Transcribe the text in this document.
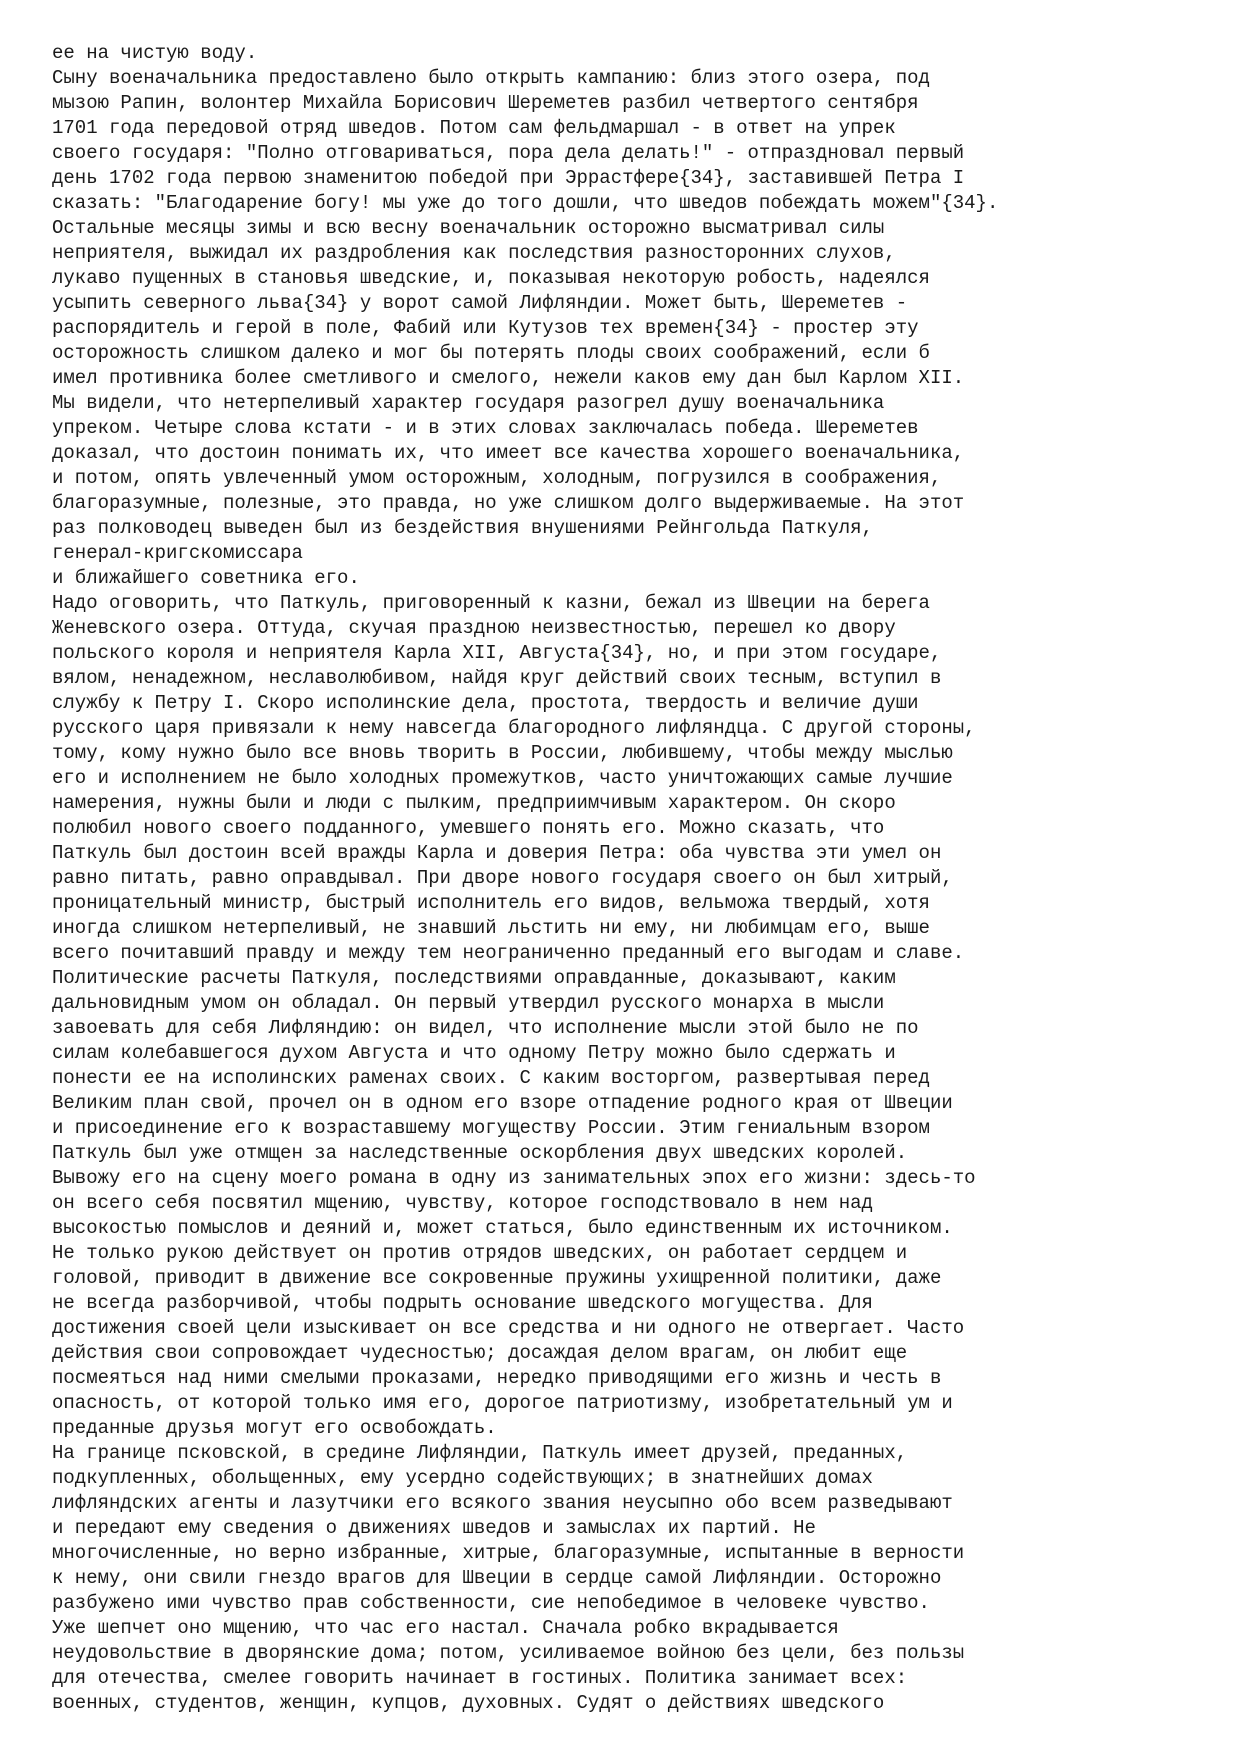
ее на чистую воду.
Сыну военачальника предоставлено было открыть кампанию: близ этого озера, под
мызою Рапин, волонтер Михайла Борисович Шереметев разбил четвертого сентября
1701 года передовой отряд шведов. Потом сам фельдмаршал - в ответ на упрек
своего государя: "Полно отговариваться, пора дела делать!" - отпраздновал первый
день 1702 года первою знаменитою победой при Эррастфере{34}, заставившей Петра I
сказать: "Благодарение богу! мы уже до того дошли, что шведов побеждать можем"{34}.
Остальные месяцы зимы и всю весну военачальник осторожно высматривал силы
неприятеля, выжидал их раздробления как последствия разносторонних слухов,
лукаво пущенных в становья шведские, и, показывая некоторую робость, надеялся
усыпить северного льва{34} у ворот самой Лифляндии. Может быть, Шереметев -
распорядитель и герой в поле, Фабий или Кутузов тех времен{34} - простер эту
осторожность слишком далеко и мог бы потерять плоды своих соображений, если б
имел противника более сметливого и смелого, нежели каков ему дан был Карлом XII.
Мы видели, что нетерпеливый характер государя разогрел душу военачальника
упреком. Четыре слова кстати - и в этих словах заключалась победа. Шереметев
доказал, что достоин понимать их, что имеет все качества хорошего военачальника,
и потом, опять увлеченный умом осторожным, холодным, погрузился в соображения,
благоразумные, полезные, это правда, но уже слишком долго выдерживаемые. На этот
раз полководец выведен был из бездействия внушениями Рейнгольда Паткуля,
генерал-кригскомиссара
и ближайшего советника его.
Надо оговорить, что Паткуль, приговоренный к казни, бежал из Швеции на берега
Женевского озера. Оттуда, скучая праздною неизвестностью, перешел ко двору
польского короля и неприятеля Карла XII, Августа{34}, но, и при этом государе,
вялом, ненадежном, неславолюбивом, найдя круг действий своих тесным, вступил в
службу к Петру I. Скоро исполинские дела, простота, твердость и величие души
русского царя привязали к нему навсегда благородного лифляндца. С другой стороны,
тому, кому нужно было все вновь творить в России, любившему, чтобы между мыслью
его и исполнением не было холодных промежутков, часто уничтожающих самые лучшие
намерения, нужны были и люди с пылким, предприимчивым характером. Он скоро
полюбил нового своего подданного, умевшего понять его. Можно сказать, что
Паткуль был достоин всей вражды Карла и доверия Петра: оба чувства эти умел он
равно питать, равно оправдывал. При дворе нового государя своего он был хитрый,
проницательный министр, быстрый исполнитель его видов, вельможа твердый, хотя
иногда слишком нетерпеливый, не знавший льстить ни ему, ни любимцам его, выше
всего почитавший правду и между тем неограниченно преданный его выгодам и славе.
Политические расчеты Паткуля, последствиями оправданные, доказывают, каким
дальновидным умом он обладал. Он первый утвердил русского монарха в мысли
завоевать для себя Лифляндию: он видел, что исполнение мысли этой было не по
силам колебавшегося духом Августа и что одному Петру можно было сдержать и
понести ее на исполинских раменах своих. С каким восторгом, развертывая перед
Великим план свой, прочел он в одном его взоре отпадение родного края от Швеции
и присоединение его к возраставшему могуществу России. Этим гениальным взором
Паткуль был уже отмщен за наследственные оскорбления двух шведских королей.
Вывожу его на сцену моего романа в одну из занимательных эпох его жизни: здесь-то
он всего себя посвятил мщению, чувству, которое господствовало в нем над
высокостью помыслов и деяний и, может статься, было единственным их источником.
Не только рукою действует он против отрядов шведских, он работает сердцем и
головой, приводит в движение все сокровенные пружины ухищренной политики, даже
не всегда разборчивой, чтобы подрыть основание шведского могущества. Для
достижения своей цели изыскивает он все средства и ни одного не отвергает. Часто
действия свои сопровождает чудесностью; досаждая делом врагам, он любит еще
посмеяться над ними смелыми проказами, нередко приводящими его жизнь и честь в
опасность, от которой только имя его, дорогое патриотизму, изобретательный ум и
преданные друзья могут его освобождать.
На границе псковской, в средине Лифляндии, Паткуль имеет друзей, преданных,
подкупленных, обольщенных, ему усердно содействующих; в знатнейших домах
лифляндских агенты и лазутчики его всякого звания неусыпно обо всем разведывают
и передают ему сведения о движениях шведов и замыслах их партий. Не
многочисленные, но верно избранные, хитрые, благоразумные, испытанные в верности
к нему, они свили гнездо врагов для Швеции в сердце самой Лифляндии. Осторожно
разбужено ими чувство прав собственности, сие непобедимое в человеке чувство.
Уже шепчет оно мщению, что час его настал. Сначала робко вкрадывается
неудовольствие в дворянские дома; потом, усиливаемое войною без цели, без пользы
для отечества, смелее говорить начинает в гостиных. Политика занимает всех:
военных, студентов, женщин, купцов, духовных. Судят о действиях шведского
